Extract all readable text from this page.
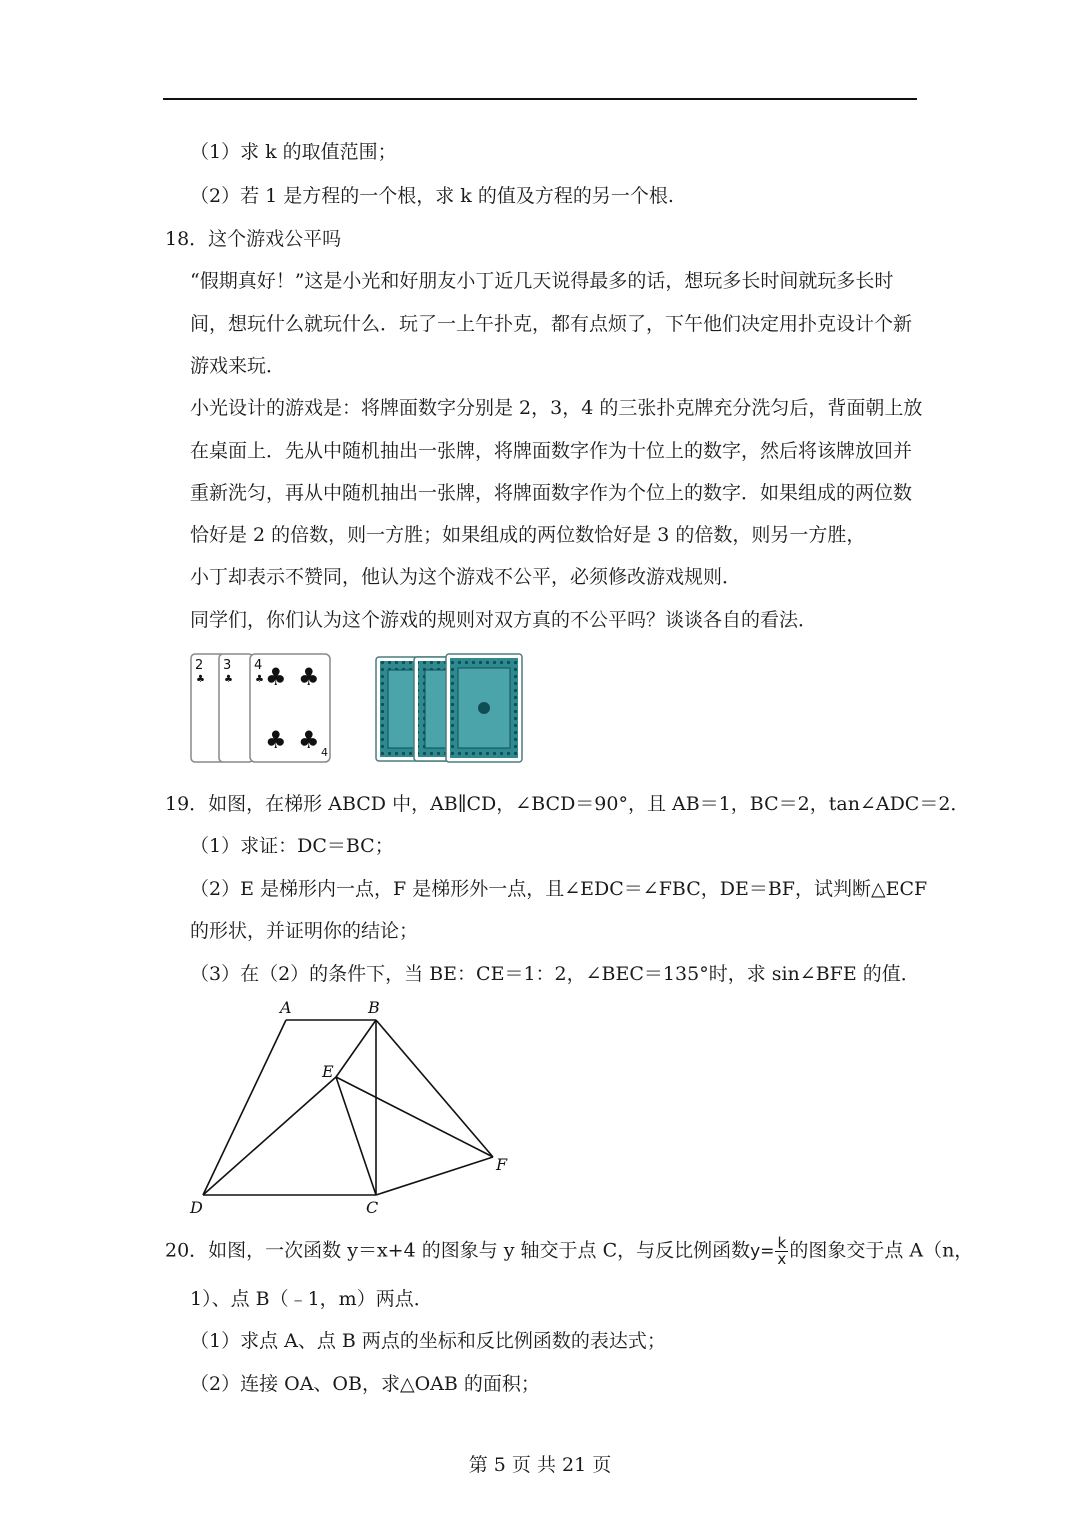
（1）求 k 的取值范围；
（2）若 1 是方程的一个根，求 k 的值及方程的另一个根.
18．这个游戏公平吗
“假期真好！”这是小光和好朋友小丁近几天说得最多的话，想玩多长时间就玩多长时
间，想玩什么就玩什么．玩了一上午扑克，都有点烦了，下午他们决定用扑克设计个新
游戏来玩．
小光设计的游戏是：将牌面数字分别是 2，3，4 的三张扑克牌充分洗匀后，背面朝上放
在桌面上．先从中随机抽出一张牌，将牌面数字作为十位上的数字，然后将该牌放回并
重新洗匀，再从中随机抽出一张牌，将牌面数字作为个位上的数字．如果组成的两位数
恰好是 2 的倍数，则一方胜；如果组成的两位数恰好是 3 的倍数，则另一方胜，
小丁却表示不赞同，他认为这个游戏不公平，必须修改游戏规则．
同学们，你们认为这个游戏的规则对双方真的不公平吗？谈谈各自的看法．
2
♣
3
♣
4
♣ ♣ ♣
♣ ♣ 4
19．如图，在梯形 ABCD 中，AB∥CD，∠BCD＝90°，且 AB＝1，BC＝2，tan∠ADC＝2．
（1）求证：DC＝BC；
（2）E 是梯形内一点，F 是梯形外一点，且∠EDC＝∠FBC，DE＝BF，试判断△ECF
的形状，并证明你的结论；
（3）在（2）的条件下，当 BE：CE＝1：2，∠BEC＝135°时，求 sin∠BFE 的值．
A	B
E
F
D	C
20．如图，一次函数 y＝x+4 的图象与 y 轴交于点 C，与反比例函数$y= \frac{k}{x}$ 的图象交于点 A（n，
1）、点 B（﹣1，m）两点．
（1）求点 A、点 B 两点的坐标和反比例函数的表达式；
（2）连接 OA、OB，求△OAB 的面积；
第 5 页 共 21 页
